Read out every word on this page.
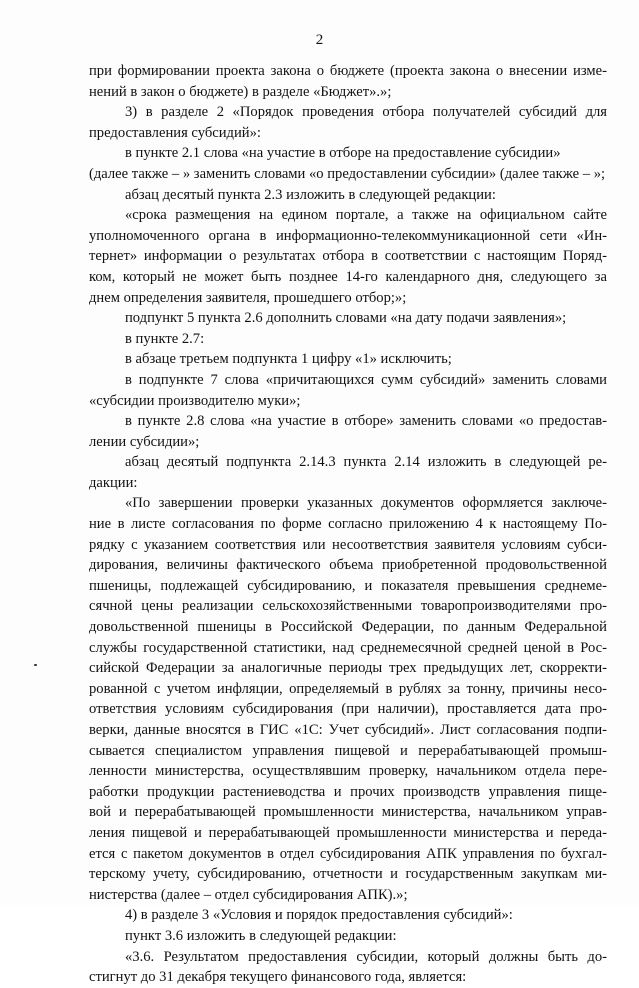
2
при формировании проекта закона о бюджете (проекта закона о внесении изме-
нений в закон о бюджете) в разделе «Бюджет».»;
3) в разделе 2 «Порядок проведения отбора получателей субсидий для
предоставления субсидий»:
в пункте 2.1 слова «на участие в отборе на предоставление субсидии»
(далее также – » заменить словами «о предоставлении субсидии» (далее также – »;
абзац десятый пункта 2.3 изложить в следующей редакции:
«срока размещения на едином портале, а также на официальном сайте
уполномоченного органа в информационно-телекоммуникационной сети «Ин-
тернет» информации о результатах отбора в соответствии с настоящим Поряд-
ком, который не может быть позднее 14-го календарного дня, следующего за
днем определения заявителя, прошедшего отбор;»;
подпункт 5 пункта 2.6 дополнить словами «на дату подачи заявления»;
в пункте 2.7:
в абзаце третьем подпункта 1 цифру «1» исключить;
в подпункте 7 слова «причитающихся сумм субсидий» заменить словами
«субсидии производителю муки»;
в пункте 2.8 слова «на участие в отборе» заменить словами «о предостав-
лении субсидии»;
абзац десятый подпункта 2.14.3 пункта 2.14 изложить в следующей ре-
дакции:
«По завершении проверки указанных документов оформляется заключе-
ние в листе согласования по форме согласно приложению 4 к настоящему По-
рядку с указанием соответствия или несоответствия заявителя условиям субси-
дирования, величины фактического объема приобретенной продовольственной
пшеницы, подлежащей субсидированию, и показателя превышения среднеме-
сячной цены реализации сельскохозяйственными товаропроизводителями про-
довольственной пшеницы в Российской Федерации, по данным Федеральной
службы государственной статистики, над среднемесячной средней ценой в Рос-
сийской Федерации за аналогичные периоды трех предыдущих лет, скорректи-
рованной с учетом инфляции, определяемый в рублях за тонну, причины несо-
ответствия условиям субсидирования (при наличии), проставляется дата про-
верки, данные вносятся в ГИС «1С: Учет субсидий». Лист согласования подпи-
сывается специалистом управления пищевой и перерабатывающей промыш-
ленности министерства, осуществлявшим проверку, начальником отдела пере-
работки продукции растениеводства и прочих производств управления пище-
вой и перерабатывающей промышленности министерства, начальником управ-
ления пищевой и перерабатывающей промышленности министерства и переда-
ется с пакетом документов в отдел субсидирования АПК управления по бухгал-
терскому учету, субсидированию, отчетности и государственным закупкам ми-
нистерства (далее – отдел субсидирования АПК).»;
4) в разделе 3 «Условия и порядок предоставления субсидий»:
пункт 3.6 изложить в следующей редакции:
«3.6. Результатом предоставления субсидии, который должны быть до-
стигнут до 31 декабря текущего финансового года, является:
